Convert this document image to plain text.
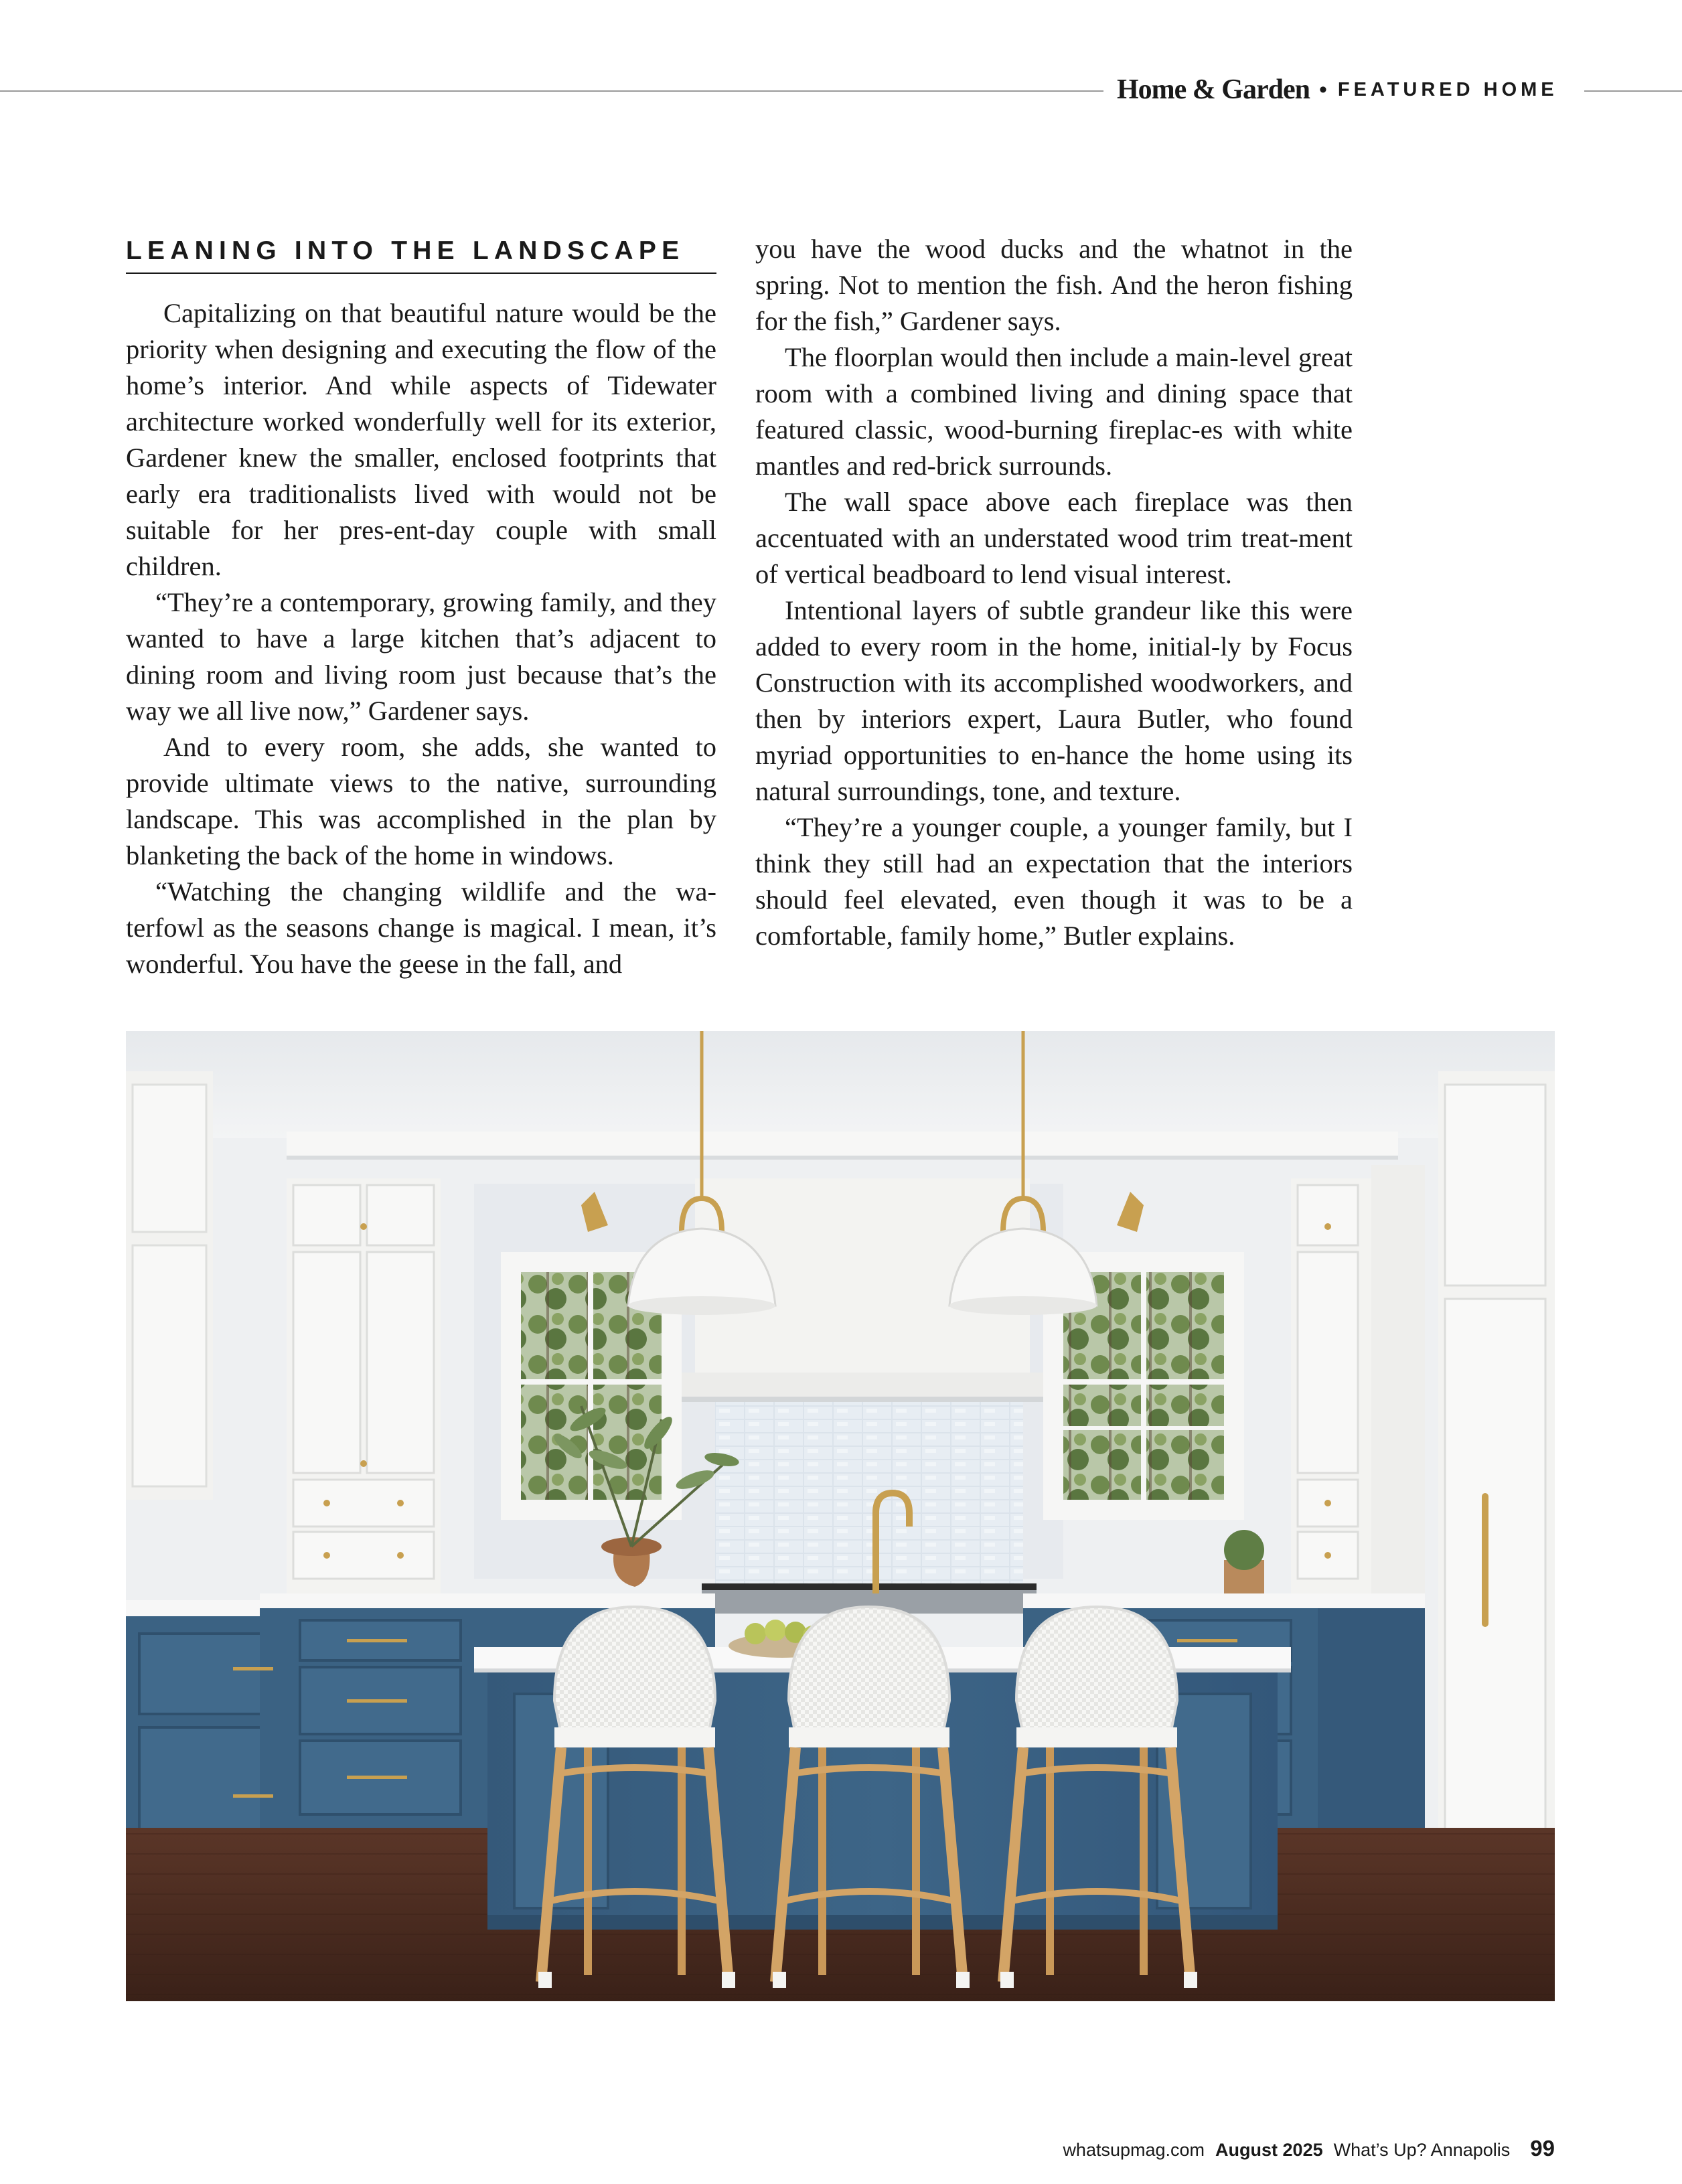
Home & Garden • FEATURED HOME
LEANING INTO THE LANDSCAPE

Capitalizing on that beautiful nature would be the priority when designing and executing the flow of the home’s interior. And while aspects of Tidewater architecture worked wonderfully well for its exterior, Gardener knew the smaller, enclosed footprints that early era traditionalists lived with would not be suitable for her pres-ent-day couple with small children.

“They’re a contemporary, growing family, and they wanted to have a large kitchen that’s adjacent to dining room and living room just because that’s the way we all live now,” Gardener says.

And to every room, she adds, she wanted to provide ultimate views to the native, surrounding landscape. This was accomplished in the plan by blanketing the back of the home in windows.

“Watching the changing wildlife and the wa-terfowl as the seasons change is magical. I mean, it’s wonderful. You have the geese in the fall, and

you have the wood ducks and the whatnot in the spring. Not to mention the fish. And the heron fishing for the fish,” Gardener says.

The floorplan would then include a main-level great room with a combined living and dining space that featured classic, wood-burning fireplac-es with white mantles and red-brick surrounds.

The wall space above each fireplace was then accentuated with an understated wood trim treat-ment of vertical beadboard to lend visual interest.

Intentional layers of subtle grandeur like this were added to every room in the home, initial-ly by Focus Construction with its accomplished woodworkers, and then by interiors expert, Laura Butler, who found myriad opportunities to en-hance the home using its natural surroundings, tone, and texture.

“They’re a younger couple, a younger family, but I think they still had an expectation that the interiors should feel elevated, even though it was to be a comfortable, family home,” Butler explains.

whatsupmag.com August 2025 What’s Up? Annapolis 99
